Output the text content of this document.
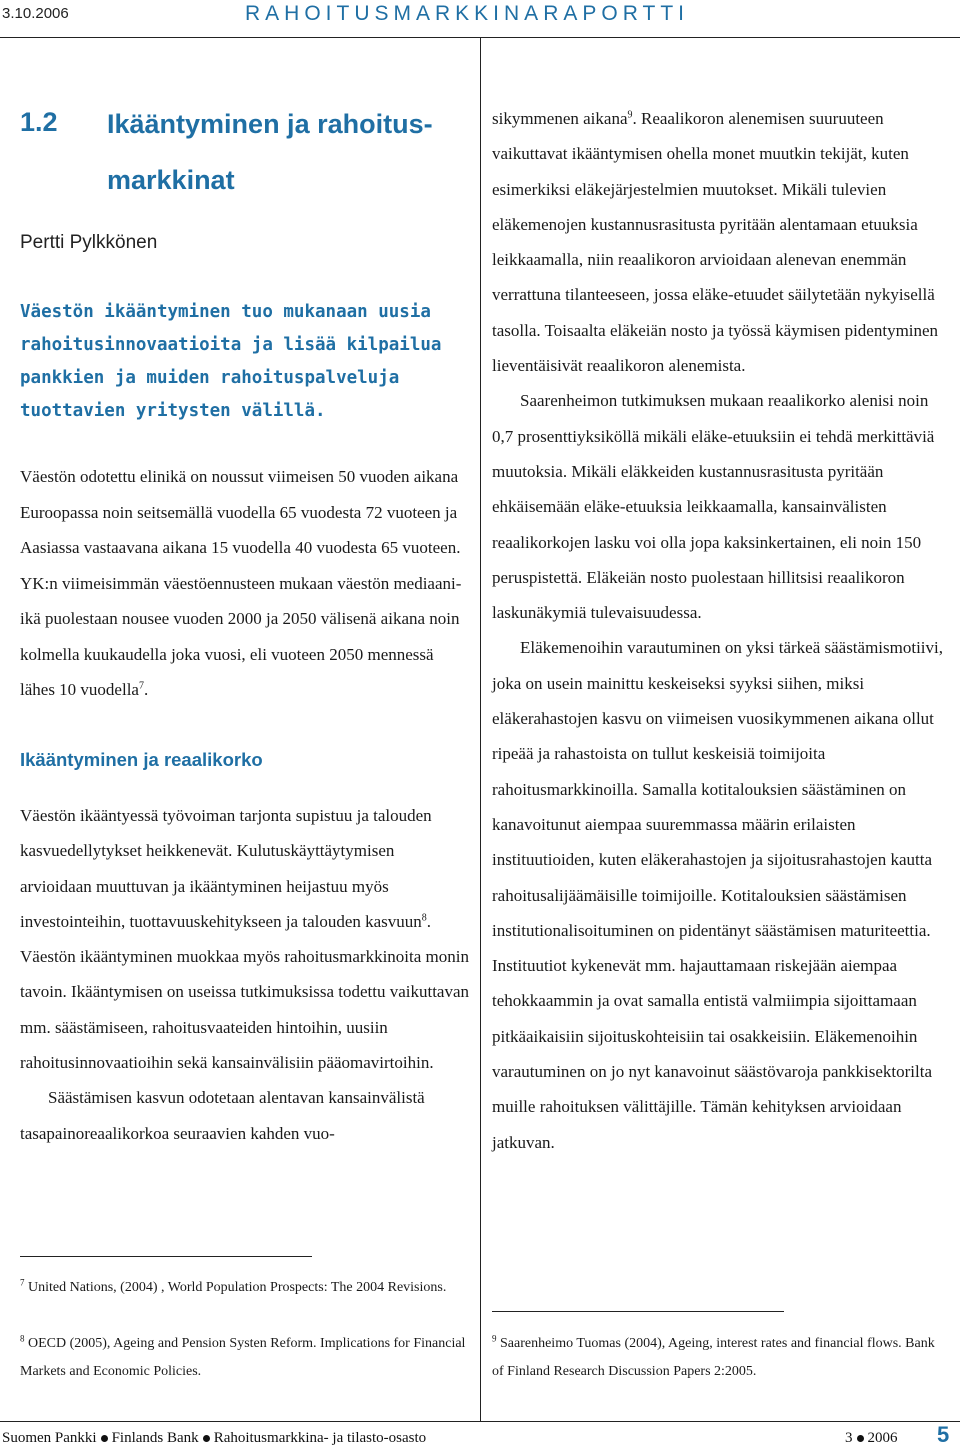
3.10.2006	RAHOITUSMARKKINARAPORTTI
1.2 Ikääntyminen ja rahoitus-
markkinat
Pertti Pylkkönen
Väestön ikääntyminen tuo mukanaan uusia rahoitusinnovaatioita ja lisää kilpailua pankkien ja muiden rahoituspalveluja tuottavien yritysten välillä.
Väestön odotettu elinikä on noussut viimeisen 50 vuoden aikana Euroopassa noin seitsemällä vuodella 65 vuodesta 72 vuoteen ja Aasiassa vastaavana aikana 15 vuodella 40 vuodesta 65 vuoteen. YK:n viimeisimmän väestöennusteen mukaan väestön mediaani-ikä puolestaan nousee vuoden 2000 ja 2050 välisenä aikana noin kolmella kuukaudella joka vuosi, eli vuoteen 2050 mennessä lähes 10 vuodella$^7$.
Ikääntyminen ja reaalikorko

Väestön ikääntyessä työvoiman tarjonta supistuu ja talouden kasvuedellytykset heikkenevät. Kulutuskäyttäytymisen arvioidaan muuttuvan ja ikääntyminen heijastuu myös investointeihin, tuottavuuskehitykseen ja talouden kasvuun$^8$. Väestön ikääntyminen muokkaa myös rahoitusmarkkinoita monin tavoin. Ikääntymisen on useissa tutkimuksissa todettu vaikuttavan mm. säästämiseen, rahoitusvaateiden hintoihin, uusiin rahoitusinnovaatioihin sekä kansainvälisiin pääomavirtoihin.

Säästämisen kasvun odotetaan alentavan kansainvälistä tasapainoreaalikorkoa seuraavien kahden vuo-

$^7$ United Nations, (2004) , World Population Prospects: The 2004 Revisions.
$^8$ OECD (2005), Ageing and Pension Systen Reform. Implications for Financial Markets and Economic Policies.

sikymmenen aikana$^9$. Reaalikoron alenemisen suuruuteen vaikuttavat ikääntymisen ohella monet muutkin tekijät, kuten esimerkiksi eläkejärjestelmien muutokset. Mikäli tulevien eläkemenojen kustannusrasitusta pyritään alentamaan etuuksia leikkaamalla, niin reaalikoron arvioidaan alenevan enemmän verrattuna tilanteeseen, jossa eläke-etuudet säilytetään nykyisellä tasolla. Toisaalta eläkeiän nosto ja työssä käymisen pidentyminen lieventäisivät reaalikoron alenemista.

Saarenheimon tutkimuksen mukaan reaalikorko alenisi noin 0,7 prosenttiyksiköllä mikäli eläke-etuuksiin ei tehdä merkittäviä muutoksia. Mikäli eläkkeiden kustannusrasitusta pyritään ehkäisemään eläke-etuuksia leikkaamalla, kansainvälisten reaalikorkojen lasku voi olla jopa kaksinkertainen, eli noin 150 peruspistettä. Eläkeiän nosto puolestaan hillitsisi reaalikoron laskunäkymiä tulevaisuudessa.

Eläkemenoihin varautuminen on yksi tärkeä säästämismotiivi, joka on usein mainittu keskeiseksi syyksi siihen, miksi eläkerahastojen kasvu on viimeisen vuosikymmenen aikana ollut ripeää ja rahastoista on tullut keskeisiä toimijoita rahoitusmarkkinoilla. Samalla kotitalouksien säästäminen on kanavoitunut aiempaa suuremmassa määrin erilaisten instituutioiden, kuten eläkerahastojen ja sijoitusrahastojen kautta rahoitusalijäämäisille toimijoille. Kotitalouksien säästämisen institutionalisoituminen on pidentänyt säästämisen maturiteettia. Instituutiot kykenevät mm. hajauttamaan riskejään aiempaa tehokkaammin ja ovat samalla entistä valmiimpia sijoittamaan pitkäaikaisiin sijoituskohteisiin tai osakkeisiin. Eläkemenoihin varautuminen on jo nyt kanavoinut säästövaroja pankkisektorilta muille rahoituksen välittäjille. Tämän kehityksen arvioidaan jatkuvan.

$^9$ Saarenheimo Tuomas (2004), Ageing, interest rates and financial flows. Bank of Finland Research Discussion Papers 2:2005.
Suomen Pankki Finlands Bank Rahoitusmarkkina- ja tilasto-osasto	3 2006 5
